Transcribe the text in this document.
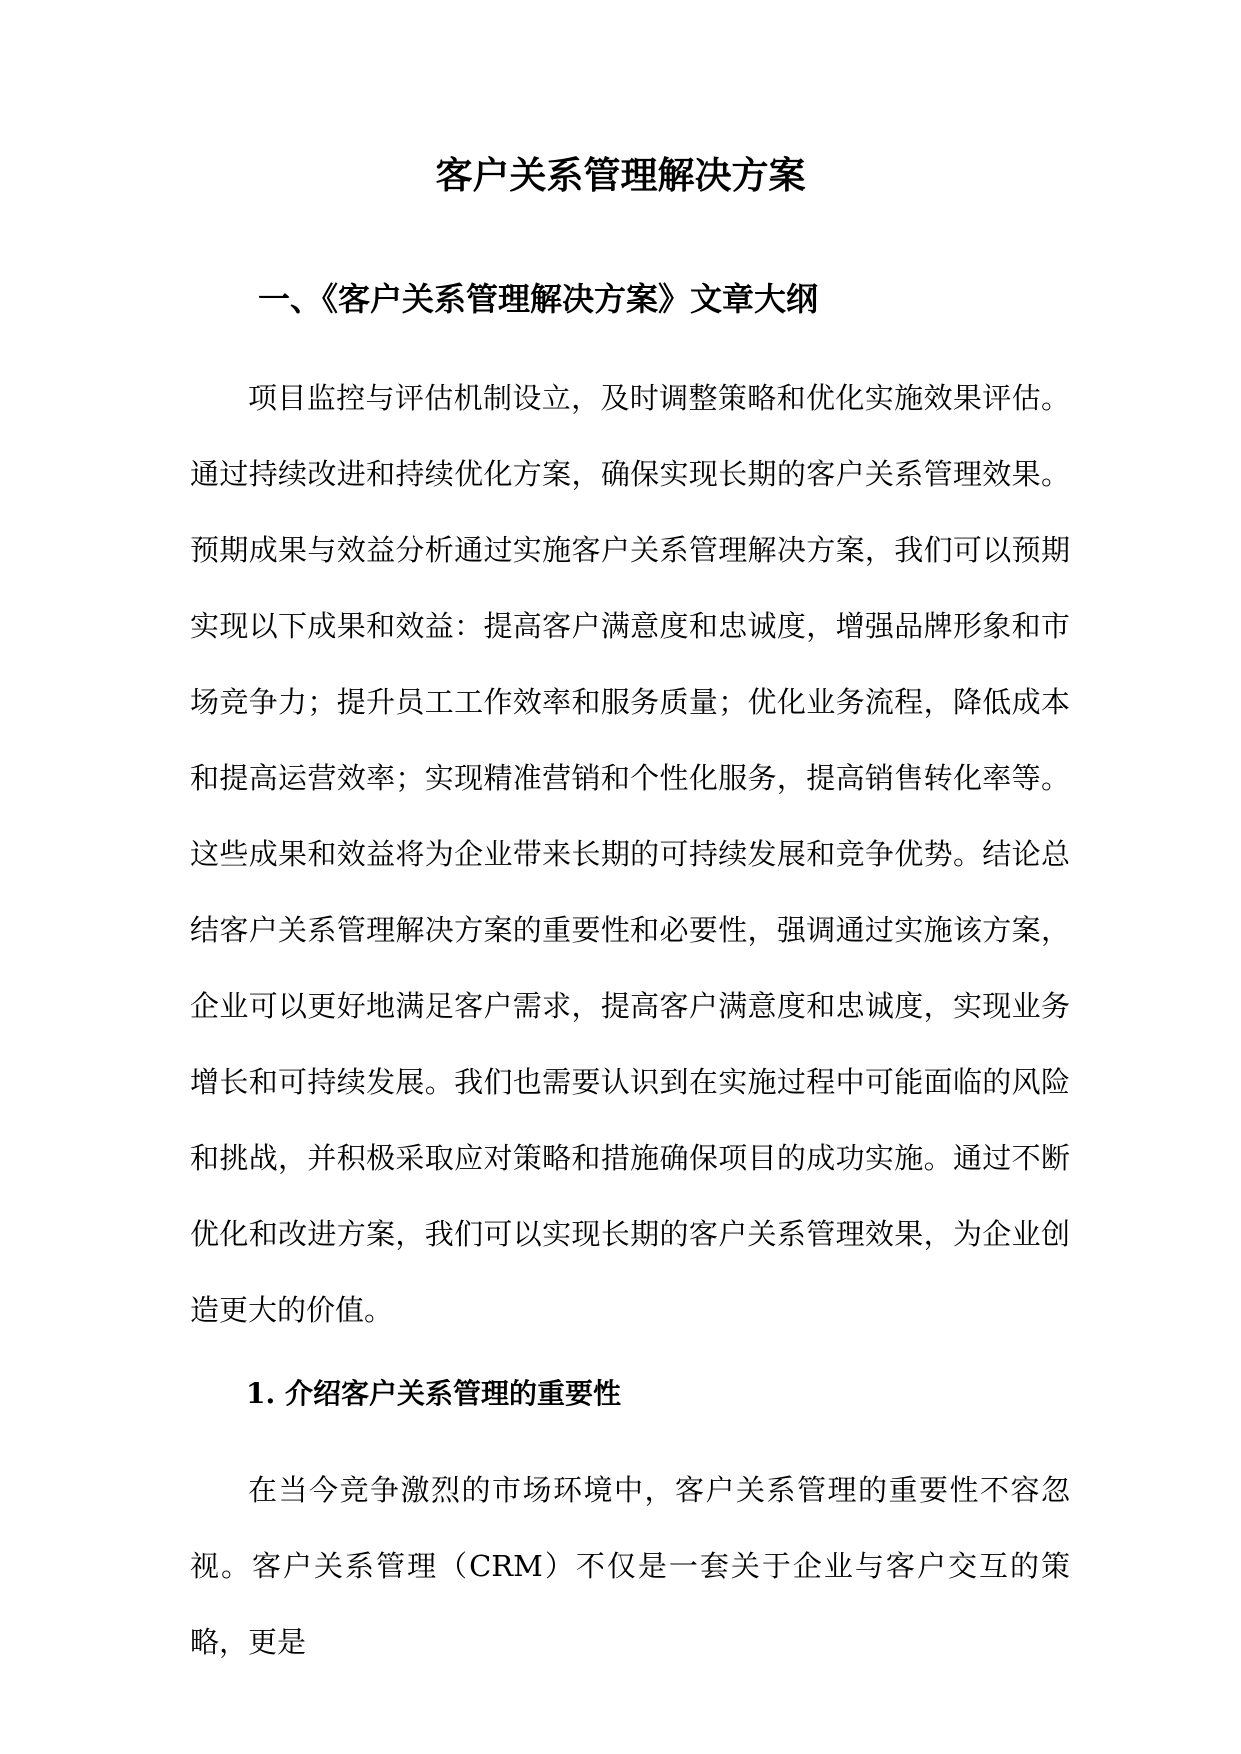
客户关系管理解决方案
一、《客户关系管理解决方案》文章大纲

项目监控与评估机制设立，及时调整策略和优化实施效果评估。通过持续改进和持续优化方案，确保实现长期的客户关系管理效果。预期成果与效益分析通过实施客户关系管理解决方案，我们可以预期实现以下成果和效益：提高客户满意度和忠诚度，增强品牌形象和市场竞争力；提升员工工作效率和服务质量；优化业务流程，降低成本和提高运营效率；实现精准营销和个性化服务，提高销售转化率等。这些成果和效益将为企业带来长期的可持续发展和竞争优势。结论总结客户关系管理解决方案的重要性和必要性，强调通过实施该方案，企业可以更好地满足客户需求，提高客户满意度和忠诚度，实现业务增长和可持续发展。我们也需要认识到在实施过程中可能面临的风险和挑战，并积极采取应对策略和措施确保项目的成功实施。通过不断优化和改进方案，我们可以实现长期的客户关系管理效果，为企业创造更大的价值。

1. 介绍客户关系管理的重要性

在当今竞争激烈的市场环境中，客户关系管理的重要性不容忽视。客户关系管理（CRM）不仅是一套关于企业与客户交互的策略，更是
